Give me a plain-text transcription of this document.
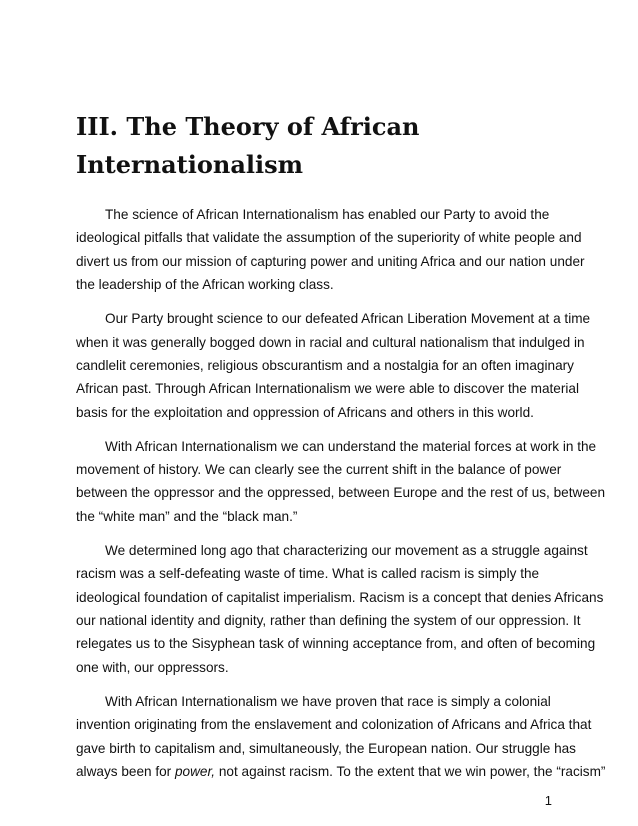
III. The Theory of African
Internationalism

The science of African Internationalism has enabled our Party to avoid the
ideological pitfalls that validate the assumption of the superiority of white people and
divert us from our mission of capturing power and uniting Africa and our nation under
the leadership of the African working class.

Our Party brought science to our defeated African Liberation Movement at a time
when it was generally bogged down in racial and cultural nationalism that indulged in
candlelit ceremonies, religious obscurantism and a nostalgia for an often imaginary
African past. Through African Internationalism we were able to discover the material
basis for the exploitation and oppression of Africans and others in this world.

With African Internationalism we can understand the material forces at work in the
movement of history. We can clearly see the current shift in the balance of power
between the oppressor and the oppressed, between Europe and the rest of us, between
the “white man” and the “black man.”

We determined long ago that characterizing our movement as a struggle against
racism was a self-defeating waste of time. What is called racism is simply the
ideological foundation of capitalist imperialism. Racism is a concept that denies Africans
our national identity and dignity, rather than defining the system of our oppression. It
relegates us to the Sisyphean task of winning acceptance from, and often of becoming
one with, our oppressors.

With African Internationalism we have proven that race is simply a colonial
invention originating from the enslavement and colonization of Africans and Africa that
gave birth to capitalism and, simultaneously, the European nation. Our struggle has
always been for power, not against racism. To the extent that we win power, the “racism”

1
